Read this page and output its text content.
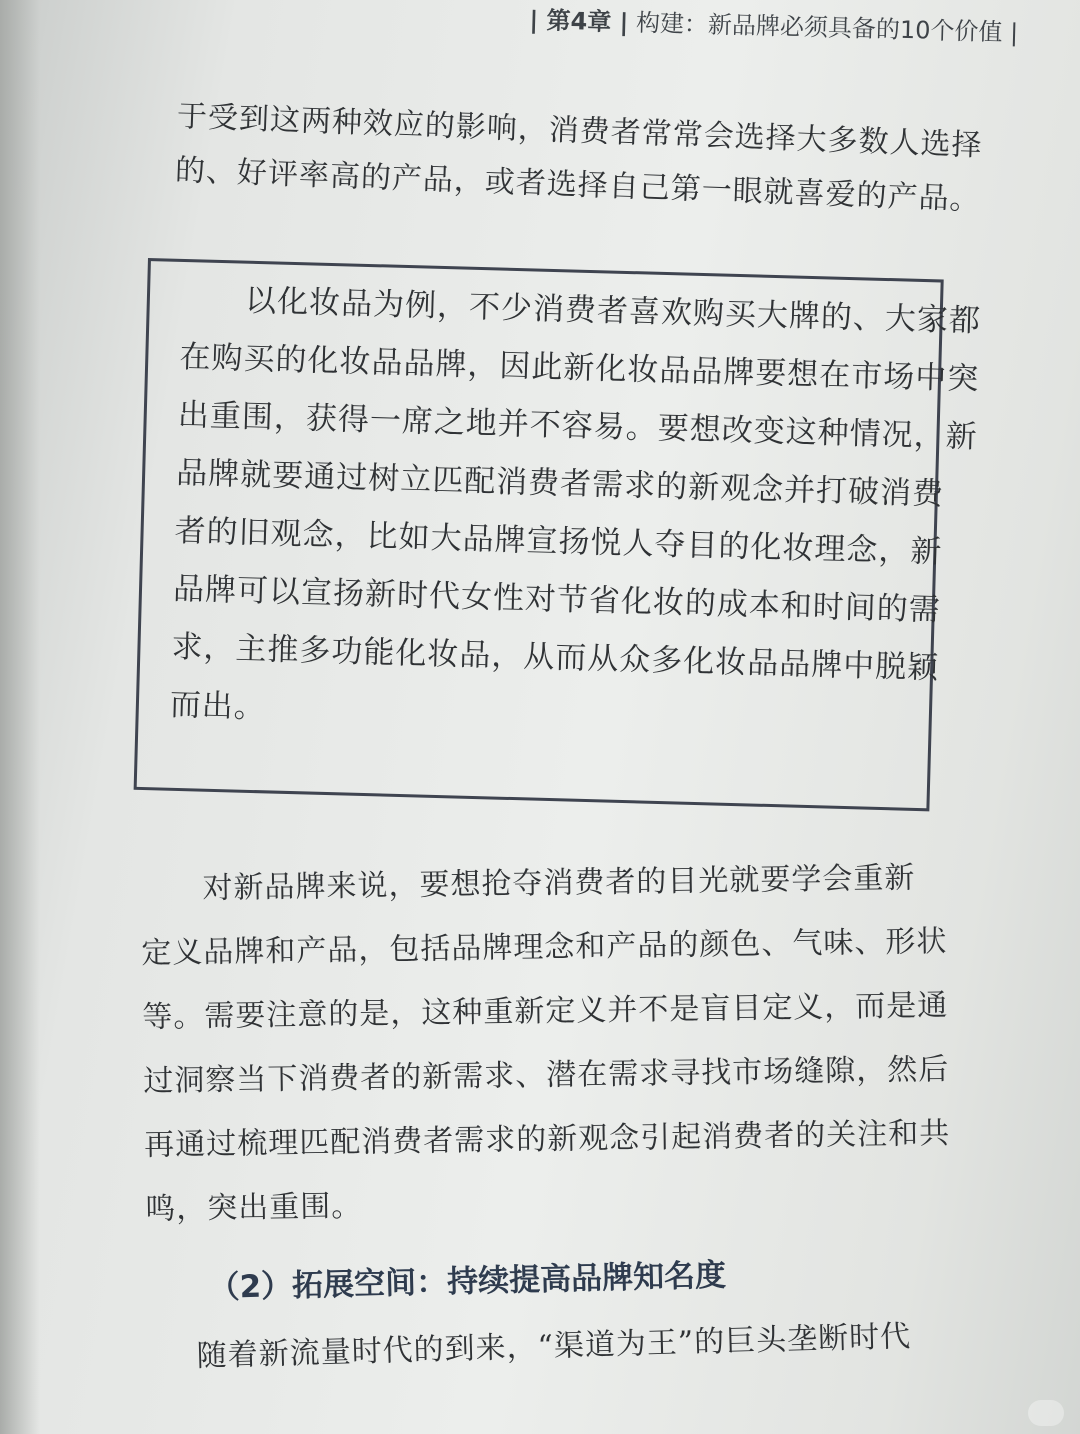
| 第4章 | 构建：新品牌必须具备的10个价值 |
于受到这两种效应的影响，消费者常常会选择大多数人选择
的、好评率高的产品，或者选择自己第一眼就喜爱的产品。
　　以化妆品为例，不少消费者喜欢购买大牌的、大家都
在购买的化妆品品牌，因此新化妆品品牌要想在市场中突
出重围，获得一席之地并不容易。要想改变这种情况，新
品牌就要通过树立匹配消费者需求的新观念并打破消费
者的旧观念，比如大品牌宣扬悦人夺目的化妆理念，新
品牌可以宣扬新时代女性对节省化妆的成本和时间的需
求，主推多功能化妆品，从而从众多化妆品品牌中脱颖
而出。
　　对新品牌来说，要想抢夺消费者的目光就要学会重新
定义品牌和产品，包括品牌理念和产品的颜色、气味、形状
等。需要注意的是，这种重新定义并不是盲目定义，而是通
过洞察当下消费者的新需求、潜在需求寻找市场缝隙，然后
再通过梳理匹配消费者需求的新观念引起消费者的关注和共
鸣，突出重围。
（2）拓展空间：持续提高品牌知名度
随着新流量时代的到来，“渠道为王”的巨头垄断时代
